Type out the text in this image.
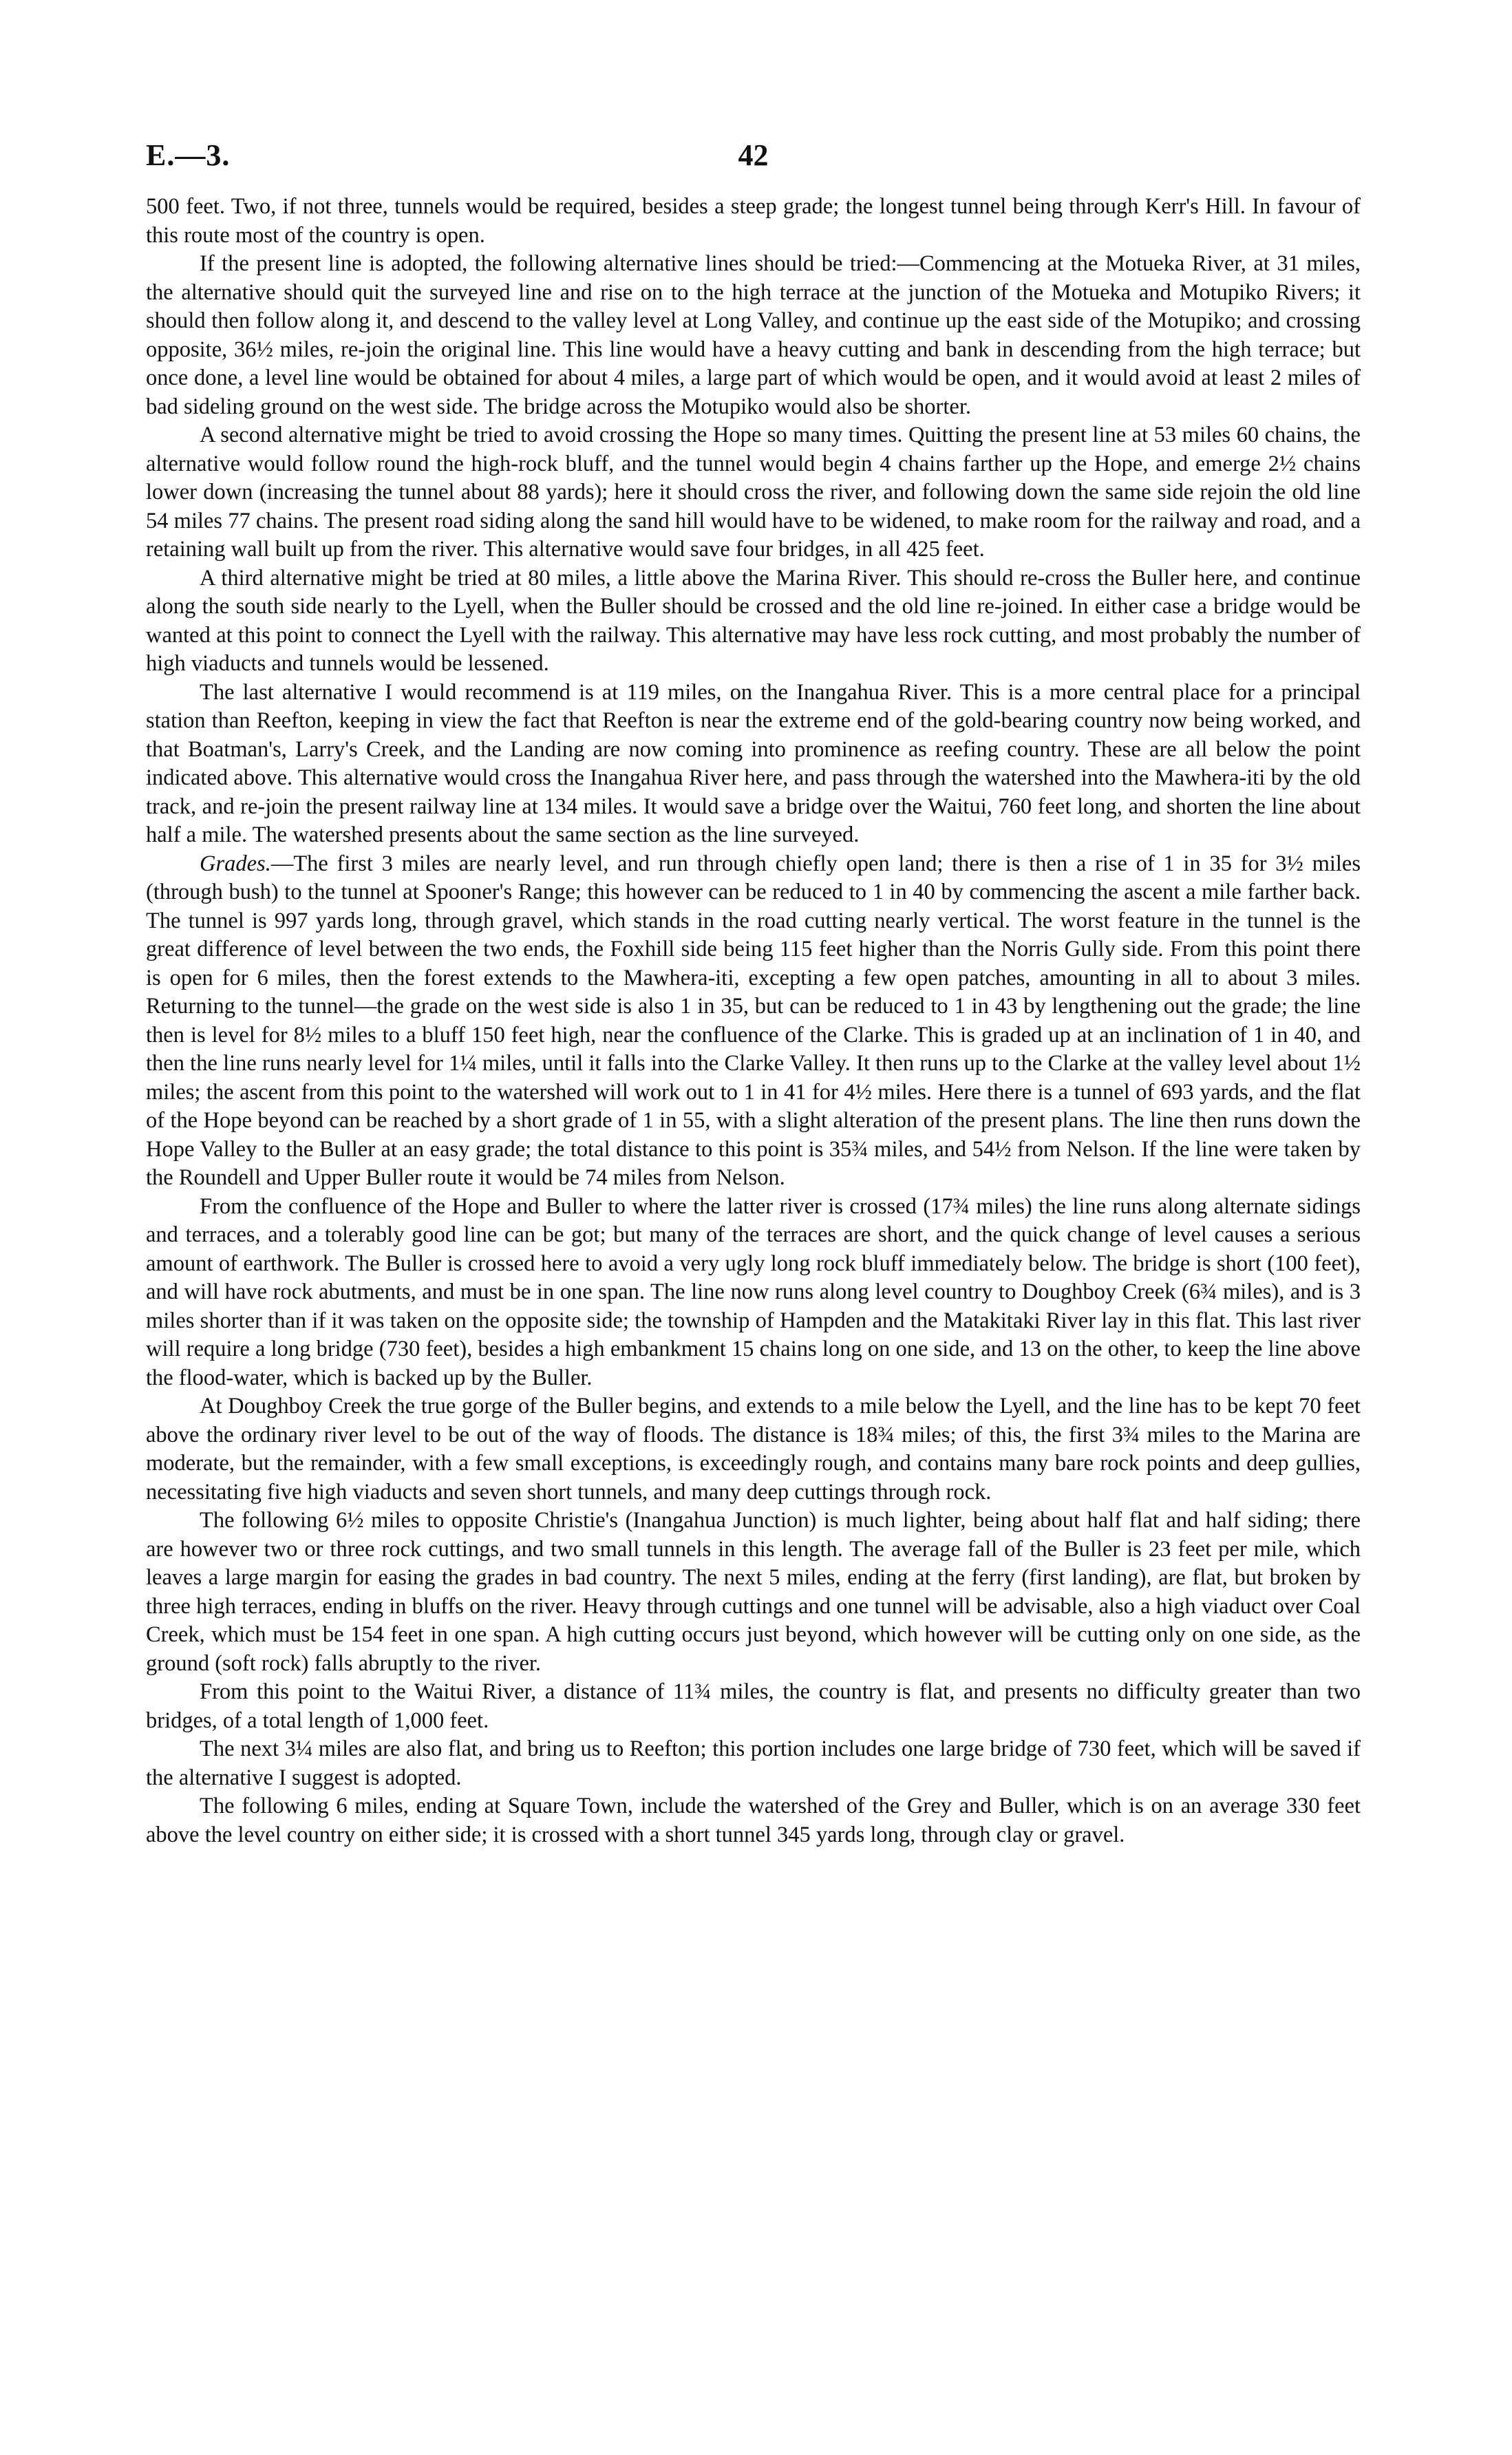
E.—3.	42

500 feet. Two, if not three, tunnels would be required, besides a steep grade; the longest tunnel being through Kerr's Hill. In favour of this route most of the country is open.

If the present line is adopted, the following alternative lines should be tried:—Commencing at the Motueka River, at 31 miles, the alternative should quit the surveyed line and rise on to the high terrace at the junction of the Motueka and Motupiko Rivers; it should then follow along it, and descend to the valley level at Long Valley, and continue up the east side of the Motupiko; and crossing opposite, 36½ miles, re-join the original line. This line would have a heavy cutting and bank in descending from the high terrace; but once done, a level line would be obtained for about 4 miles, a large part of which would be open, and it would avoid at least 2 miles of bad sideling ground on the west side. The bridge across the Motupiko would also be shorter.

A second alternative might be tried to avoid crossing the Hope so many times. Quitting the present line at 53 miles 60 chains, the alternative would follow round the high-rock bluff, and the tunnel would begin 4 chains farther up the Hope, and emerge 2½ chains lower down (increasing the tunnel about 88 yards); here it should cross the river, and following down the same side rejoin the old line 54 miles 77 chains. The present road siding along the sand hill would have to be widened, to make room for the railway and road, and a retaining wall built up from the river. This alternative would save four bridges, in all 425 feet.

A third alternative might be tried at 80 miles, a little above the Marina River. This should re-cross the Buller here, and continue along the south side nearly to the Lyell, when the Buller should be crossed and the old line re-joined. In either case a bridge would be wanted at this point to connect the Lyell with the railway. This alternative may have less rock cutting, and most probably the number of high viaducts and tunnels would be lessened.

The last alternative I would recommend is at 119 miles, on the Inangahua River. This is a more central place for a principal station than Reefton, keeping in view the fact that Reefton is near the extreme end of the gold-bearing country now being worked, and that Boatman's, Larry's Creek, and the Landing are now coming into prominence as reefing country. These are all below the point indicated above. This alternative would cross the Inangahua River here, and pass through the watershed into the Mawhera-iti by the old track, and re-join the present railway line at 134 miles. It would save a bridge over the Waitui, 760 feet long, and shorten the line about half a mile. The watershed presents about the same section as the line surveyed.

Grades.—The first 3 miles are nearly level, and run through chiefly open land; there is then a rise of 1 in 35 for 3½ miles (through bush) to the tunnel at Spooner's Range; this however can be reduced to 1 in 40 by commencing the ascent a mile farther back. The tunnel is 997 yards long, through gravel, which stands in the road cutting nearly vertical. The worst feature in the tunnel is the great difference of level between the two ends, the Foxhill side being 115 feet higher than the Norris Gully side. From this point there is open for 6 miles, then the forest extends to the Mawhera-iti, excepting a few open patches, amounting in all to about 3 miles. Returning to the tunnel—the grade on the west side is also 1 in 35, but can be reduced to 1 in 43 by lengthening out the grade; the line then is level for 8½ miles to a bluff 150 feet high, near the confluence of the Clarke. This is graded up at an inclination of 1 in 40, and then the line runs nearly level for 1¼ miles, until it falls into the Clarke Valley. It then runs up to the Clarke at the valley level about 1½ miles; the ascent from this point to the watershed will work out to 1 in 41 for 4½ miles. Here there is a tunnel of 693 yards, and the flat of the Hope beyond can be reached by a short grade of 1 in 55, with a slight alteration of the present plans. The line then runs down the Hope Valley to the Buller at an easy grade; the total distance to this point is 35¾ miles, and 54½ from Nelson. If the line were taken by the Roundell and Upper Buller route it would be 74 miles from Nelson.

From the confluence of the Hope and Buller to where the latter river is crossed (17¾ miles) the line runs along alternate sidings and terraces, and a tolerably good line can be got; but many of the terraces are short, and the quick change of level causes a serious amount of earthwork. The Buller is crossed here to avoid a very ugly long rock bluff immediately below. The bridge is short (100 feet), and will have rock abutments, and must be in one span. The line now runs along level country to Doughboy Creek (6¾ miles), and is 3 miles shorter than if it was taken on the opposite side; the township of Hampden and the Matakitaki River lay in this flat. This last river will require a long bridge (730 feet), besides a high embankment 15 chains long on one side, and 13 on the other, to keep the line above the flood-water, which is backed up by the Buller.

At Doughboy Creek the true gorge of the Buller begins, and extends to a mile below the Lyell, and the line has to be kept 70 feet above the ordinary river level to be out of the way of floods. The distance is 18¾ miles; of this, the first 3¾ miles to the Marina are moderate, but the remainder, with a few small exceptions, is exceedingly rough, and contains many bare rock points and deep gullies, necessitating five high viaducts and seven short tunnels, and many deep cuttings through rock.

The following 6½ miles to opposite Christie's (Inangahua Junction) is much lighter, being about half flat and half siding; there are however two or three rock cuttings, and two small tunnels in this length. The average fall of the Buller is 23 feet per mile, which leaves a large margin for easing the grades in bad country. The next 5 miles, ending at the ferry (first landing), are flat, but broken by three high terraces, ending in bluffs on the river. Heavy through cuttings and one tunnel will be advisable, also a high viaduct over Coal Creek, which must be 154 feet in one span. A high cutting occurs just beyond, which however will be cutting only on one side, as the ground (soft rock) falls abruptly to the river.

From this point to the Waitui River, a distance of 11¾ miles, the country is flat, and presents no difficulty greater than two bridges, of a total length of 1,000 feet.

The next 3¼ miles are also flat, and bring us to Reefton; this portion includes one large bridge of 730 feet, which will be saved if the alternative I suggest is adopted.

The following 6 miles, ending at Square Town, include the watershed of the Grey and Buller, which is on an average 330 feet above the level country on either side; it is crossed with a short tunnel 345 yards long, through clay or gravel.
